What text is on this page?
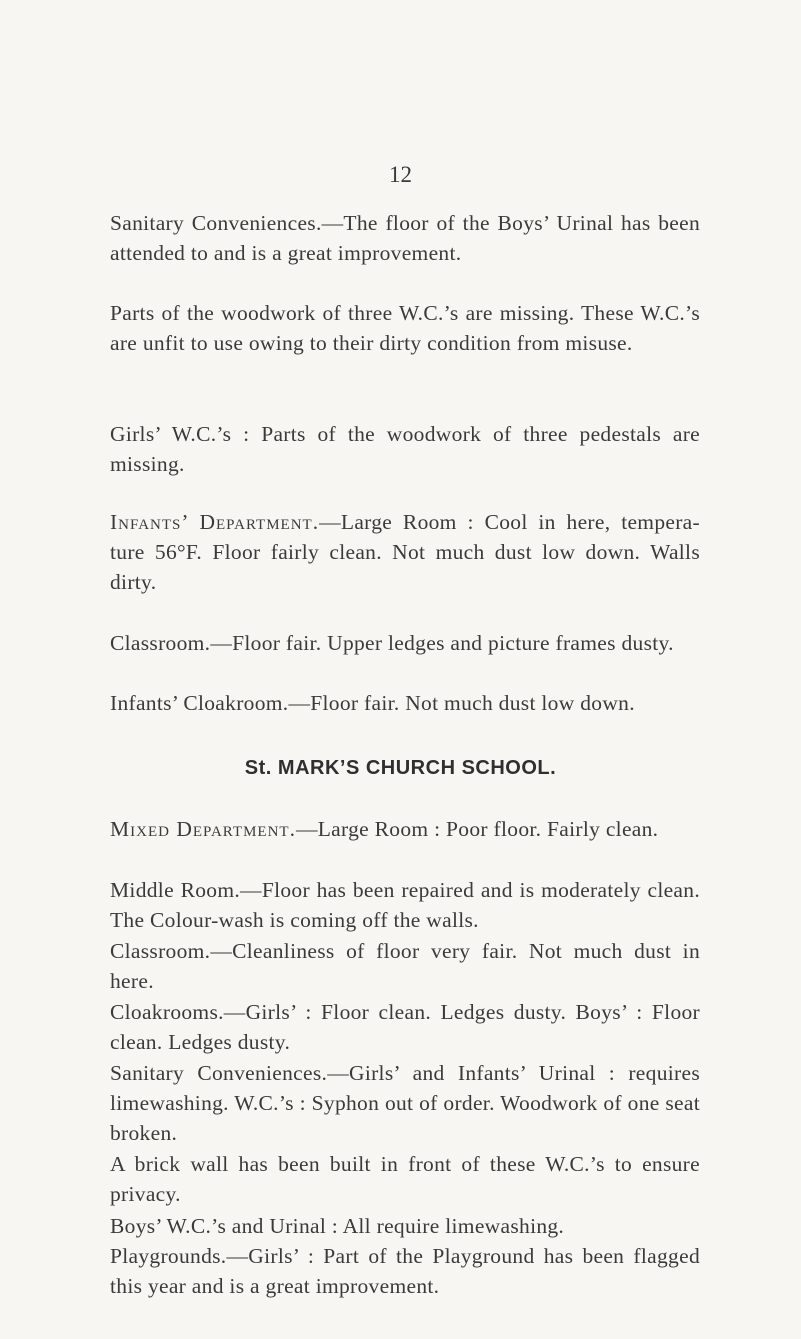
12

Sanitary Conveniences.—The floor of the Boys’ Urinal has been attended to and is a great improvement.

Parts of the woodwork of three W.C.’s are missing. These W.C.’s are unfit to use owing to their dirty condition from misuse.

Girls’ W.C.’s : Parts of the woodwork of three pedestals are missing.

Infants’ Department.—Large Room : Cool in here, tempera- ture 56°F. Floor fairly clean. Not much dust low down. Walls dirty.

Classroom.—Floor fair. Upper ledges and picture frames dusty.

Infants’ Cloakroom.—Floor fair. Not much dust low down.

St. MARK’S CHURCH SCHOOL.

Mixed Department.—Large Room : Poor floor. Fairly clean.

Middle Room.—Floor has been repaired and is moderately clean. The Colour-wash is coming off the walls.

Classroom.—Cleanliness of floor very fair. Not much dust in here.

Cloakrooms.—Girls’ : Floor clean. Ledges dusty. Boys’ : Floor clean. Ledges dusty.

Sanitary Conveniences.—Girls’ and Infants’ Urinal : requires limewashing. W.C.’s : Syphon out of order. Woodwork of one seat broken.

A brick wall has been built in front of these W.C.’s to ensure privacy.

Boys’ W.C.’s and Urinal : All require limewashing.

Playgrounds.—Girls’ : Part of the Playground has been flagged this year and is a great improvement.
